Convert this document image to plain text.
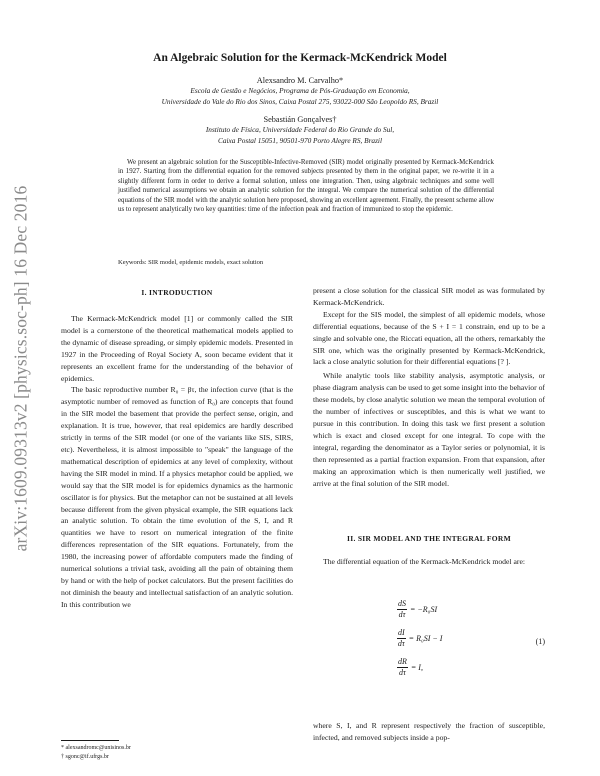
arXiv:1609.09313v2 [physics.soc-ph] 16 Dec 2016
An Algebraic Solution for the Kermack-McKendrick Model
Alexsandro M. Carvalho*
Escola de Gestão e Negócios, Programa de Pós-Graduação em Economia,
Universidade do Vale do Rio dos Sinos, Caixa Postal 275, 93022-000 São Leopoldo RS, Brazil
Sebastián Gonçalves†
Instituto de Física, Universidade Federal do Rio Grande do Sul,
Caixa Postal 15051, 90501-970 Porto Alegre RS, Brazil

We present an algebraic solution for the Susceptible-Infective-Removed (SIR) model originally presented by Kermack-McKendrick in 1927. Starting from the differential equation for the removed subjects presented by them in the original paper, we re-write it in a slightly different form in order to derive a formal solution, unless one integration. Then, using algebraic techniques and some well justified numerical assumptions we obtain an analytic solution for the integral. We compare the numerical solution of the differential equations of the SIR model with the analytic solution here proposed, showing an excellent agreement. Finally, the present scheme allow us to represent analytically two key quantities: time of the infection peak and fraction of immunized to stop the epidemic.

Keywords: SIR model, epidemic models, exact solution
I. INTRODUCTION

The Kermack-McKendrick model [1] or commonly called the SIR model is a cornerstone of the theoretical mathematical models applied to the dynamic of disease spreading, or simply epidemic models. Presented in 1927 in the Proceeding of Royal Society A, soon became evident that it represents an excellent frame for the understanding of the behavior of epidemics.

The basic reproductive number R₀ = βτ, the infection curve (that is the asymptotic number of removed as function of R₀) are concepts that found in the SIR model the basement that provide the perfect sense, origin, and explanation. It is true, however, that real epidemics are hardly described strictly in terms of the SIR model (or one of the variants like SIS, SIRS, etc). Nevertheless, it is almost impossible to "speak" the language of the mathematical description of epidemics at any level of complexity, without having the SIR model in mind. If a physics metaphor could be applied, we would say that the SIR model is for epidemics dynamics as the harmonic oscillator is for physics. But the metaphor can not be sustained at all levels because different from the given physical example, the SIR equations lack an analytic solution. To obtain the time evolution of the S, I, and R quantities we have to resort on numerical integration of the finite differences representation of the SIR equations. Fortunately, from the 1980, the increasing power of affordable computers made the finding of numerical solutions a trivial task, avoiding all the pain of obtaining them by hand or with the help of pocket calculators. But the present facilities do not diminish the beauty and intellectual satisfaction of an analytic solution. In this contribution we

present a close solution for the classical SIR model as was formulated by Kermack-McKendrick.

Except for the SIS model, the simplest of all epidemic models, whose differential equations, because of the S + I = 1 constrain, end up to be a single and solvable one, the Riccati equation, all the others, remarkably the SIR one, which was the originally presented by Kermack-McKendrick, lack a close analytic solution for their differential equations [? ].

While analytic tools like stability analysis, asymptotic analysis, or phase diagram analysis can be used to get some insight into the behavior of these models, by close analytic solution we mean the temporal evolution of the number of infectives or susceptibles, and this is what we want to pursue in this contribution. In doing this task we first present a solution which is exact and closed except for one integral. To cope with the integral, regarding the denominator as a Taylor series or polynomial, it is then represented as a partial fraction expansion. From that expansion, after making an approximation which is then numerically well justified, we arrive at the final solution of the SIR model.

II. SIR MODEL AND THE INTEGRAL FORM

The differential equation of the Kermack-McKendrick model are:

$\frac{dS}{d\tau} = -R_0SI$
$\frac{dI}{d\tau} = R_0SI - I$
$\frac{dR}{d\tau} = I$,
(1)

where S, I, and R represent respectively the fraction of susceptible, infected, and removed subjects inside a pop-

* alexsandromc@unisinos.br
† sgonc@if.ufrgs.br
